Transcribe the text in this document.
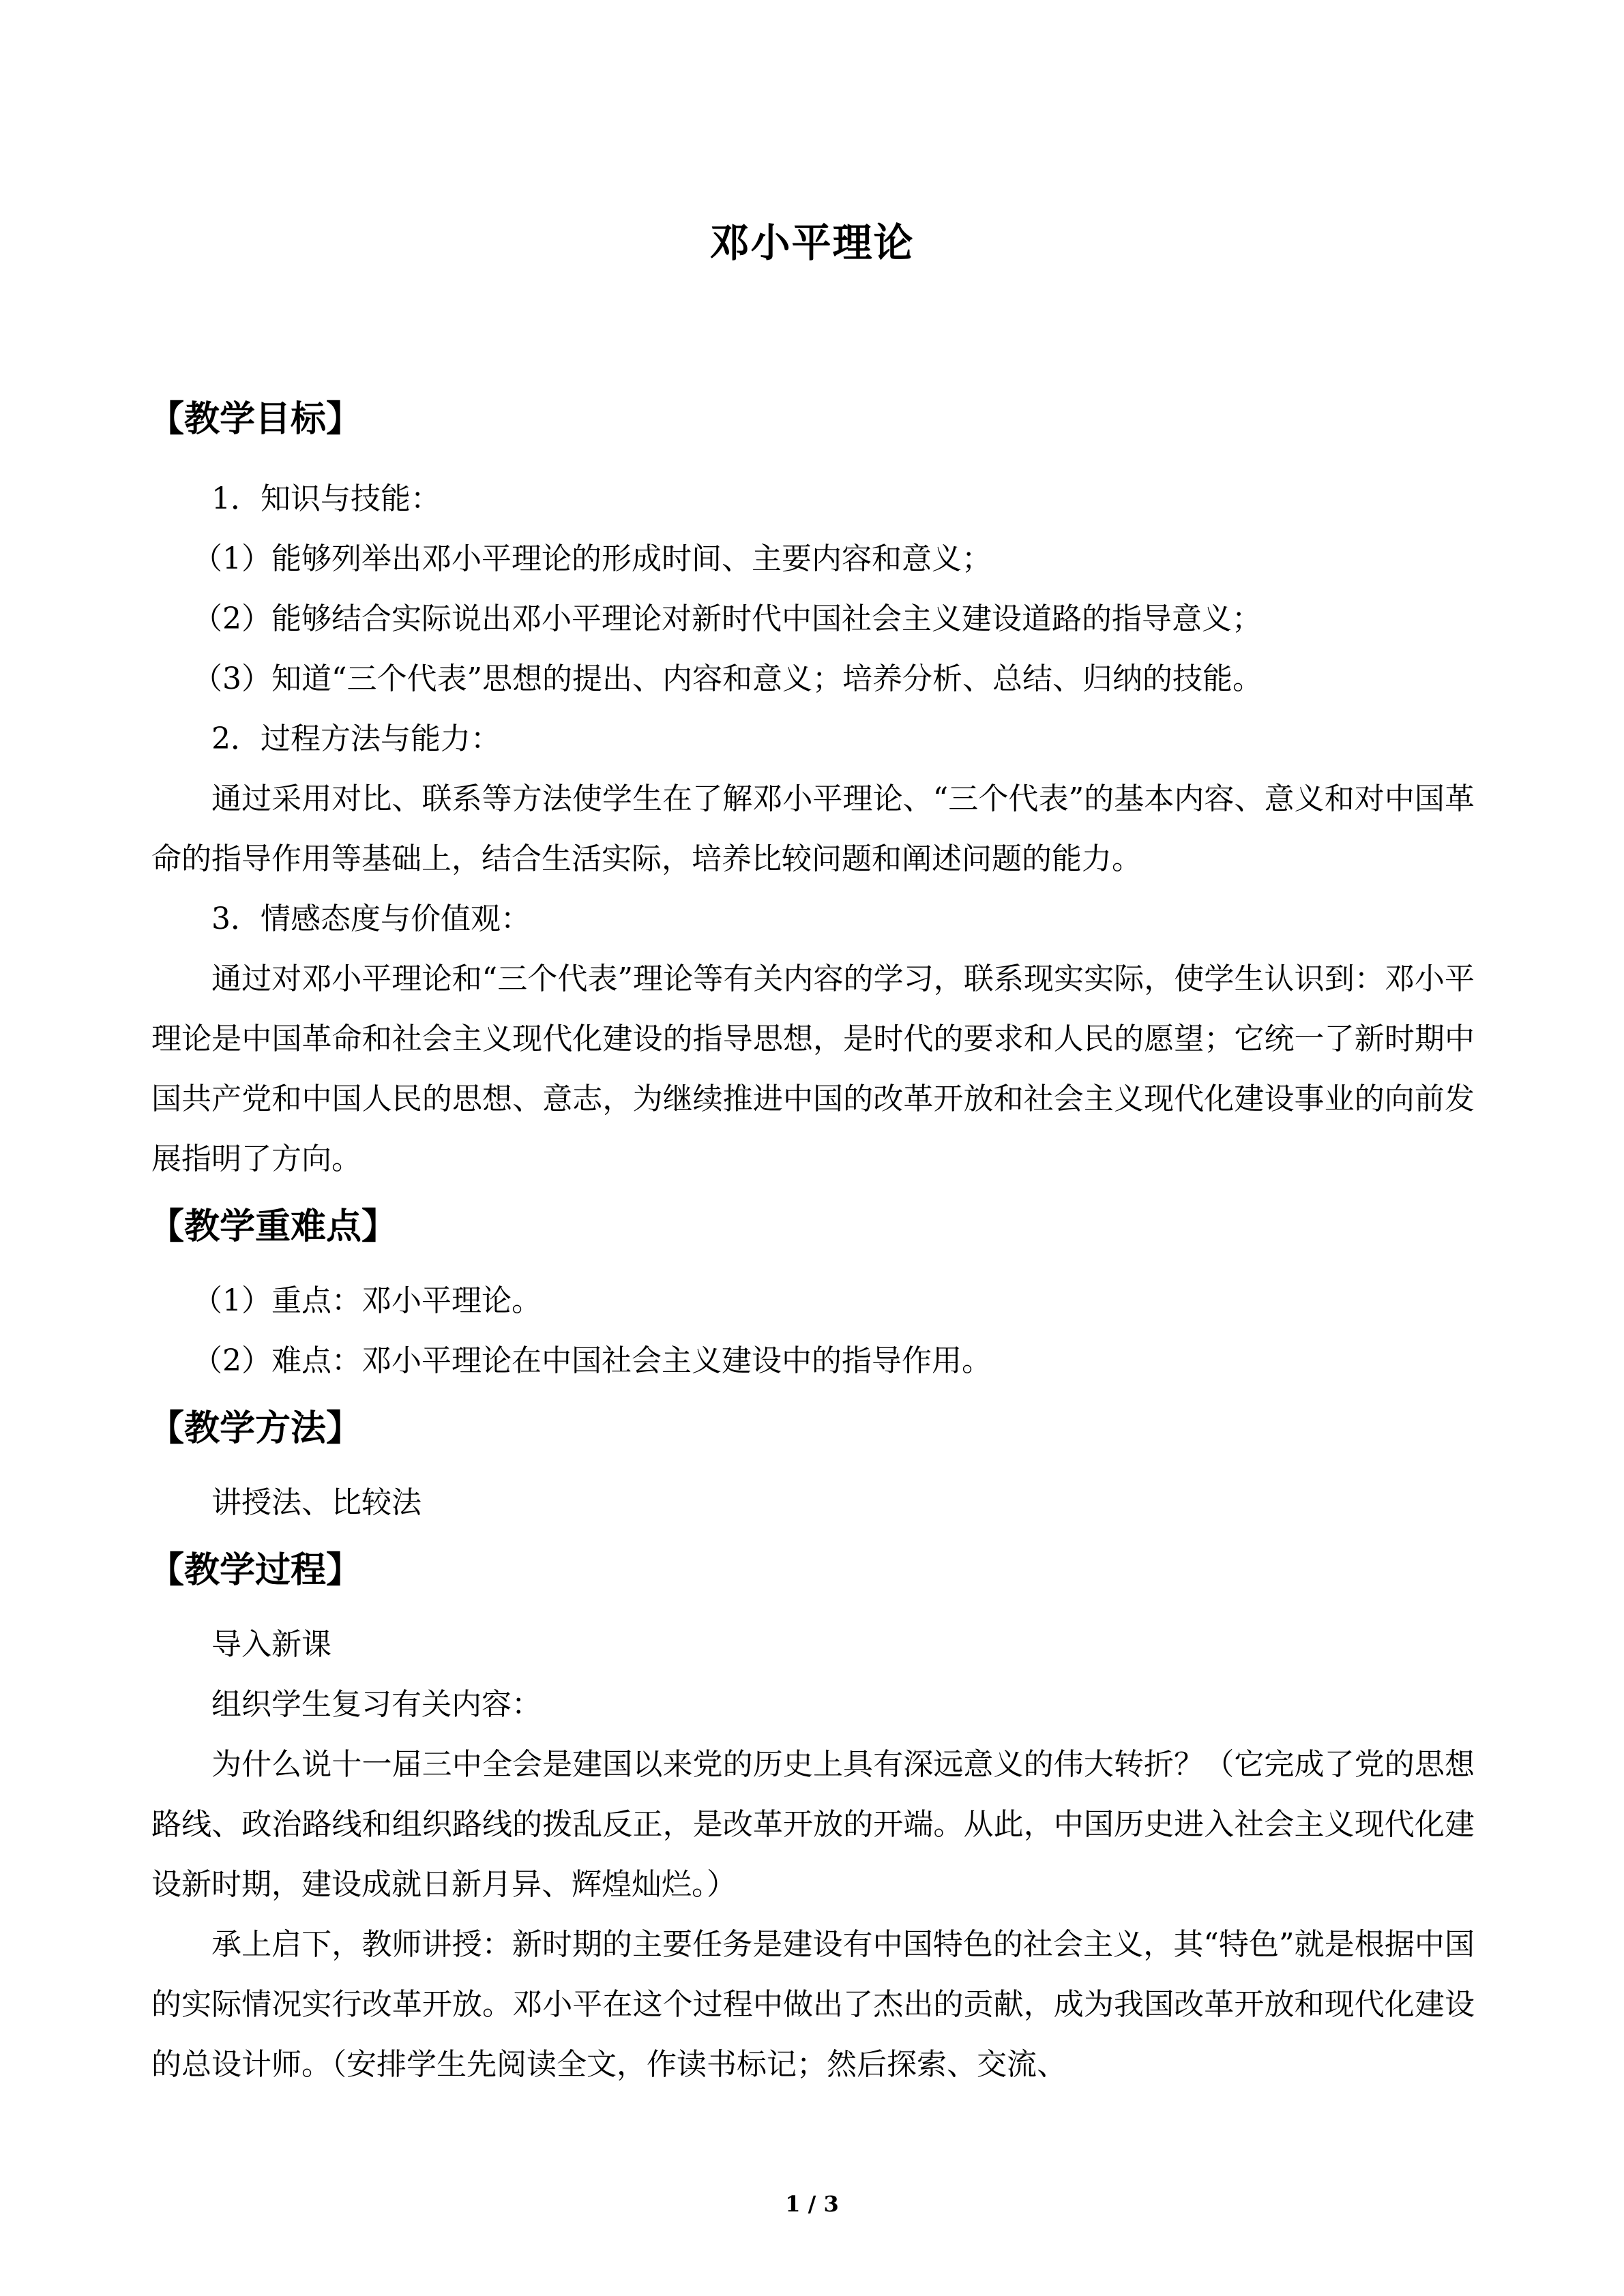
邓小平理论
【教学目标】

1．知识与技能：

（1）能够列举出邓小平理论的形成时间、主要内容和意义；

（2）能够结合实际说出邓小平理论对新时代中国社会主义建设道路的指导意义；

（3）知道“三个代表”思想的提出、内容和意义；培养分析、总结、归纳的技能。

2．过程方法与能力：

通过采用对比、联系等方法使学生在了解邓小平理论、“三个代表”的基本内容、意义和对中国革命的指导作用等基础上，结合生活实际，培养比较问题和阐述问题的能力。

3．情感态度与价值观：

通过对邓小平理论和“三个代表”理论等有关内容的学习，联系现实实际，使学生认识到：邓小平理论是中国革命和社会主义现代化建设的指导思想，是时代的要求和人民的愿望；它统一了新时期中国共产党和中国人民的思想、意志，为继续推进中国的改革开放和社会主义现代化建设事业的向前发展指明了方向。

【教学重难点】

（1）重点：邓小平理论。

（2）难点：邓小平理论在中国社会主义建设中的指导作用。

【教学方法】

讲授法、比较法

【教学过程】

导入新课

组织学生复习有关内容：

为什么说十一届三中全会是建国以来党的历史上具有深远意义的伟大转折？（它完成了党的思想路线、政治路线和组织路线的拨乱反正，是改革开放的开端。从此，中国历史进入社会主义现代化建设新时期，建设成就日新月异、辉煌灿烂。）

承上启下，教师讲授：新时期的主要任务是建设有中国特色的社会主义，其“特色”就是根据中国的实际情况实行改革开放。邓小平在这个过程中做出了杰出的贡献，成为我国改革开放和现代化建设的总设计师。（安排学生先阅读全文，作读书标记；然后探索、交流、

1 / 3
